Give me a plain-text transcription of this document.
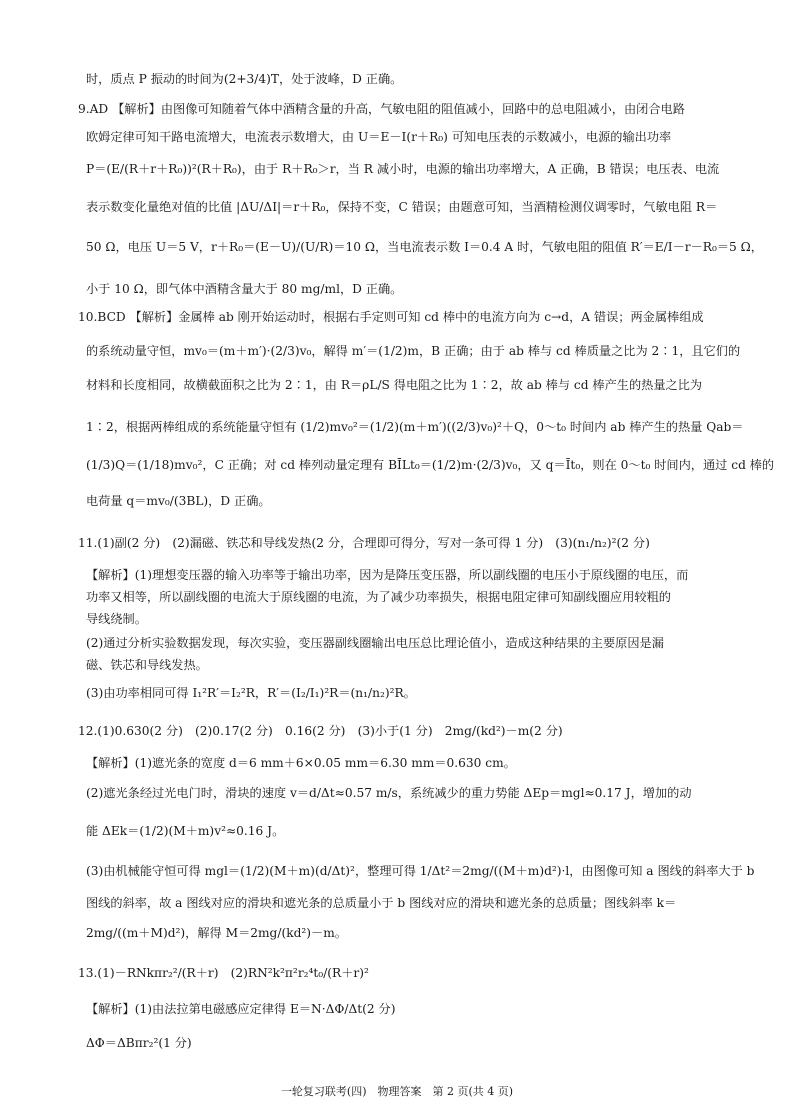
时，质点 P 振动的时间为(2+3/4)T，处于波峰，D 正确。
9.AD 【解析】由图像可知随着气体中酒精含量的升高，气敏电阻的阻值减小，回路中的总电阻减小，由闭合电路
欧姆定律可知干路电流增大，电流表示数增大，由 U＝E－I(r＋R₀) 可知电压表的示数减小，电源的输出功率
P＝(E/(R＋r＋R₀))²(R＋R₀)，由于 R＋R₀＞r，当 R 减小时，电源的输出功率增大，A 正确，B 错误；电压表、电流
表示数变化量绝对值的比值 |ΔU/ΔI|＝r＋R₀，保持不变，C 错误；由题意可知，当酒精检测仪调零时，气敏电阻 R＝
50 Ω，电压 U＝5 V，r＋R₀＝(E－U)/(U/R)＝10 Ω，当电流表示数 I＝0.4 A 时，气敏电阻的阻值 R′＝E/I－r－R₀＝5 Ω，
小于 10 Ω，即气体中酒精含量大于 80 mg/ml，D 正确。
10.BCD 【解析】金属棒 ab 刚开始运动时，根据右手定则可知 cd 棒中的电流方向为 c→d，A 错误；两金属棒组成
的系统动量守恒，mv₀＝(m＋m′)·(2/3)v₀，解得 m′＝(1/2)m，B 正确；由于 ab 棒与 cd 棒质量之比为 2∶1，且它们的
材料和长度相同，故横截面积之比为 2∶1，由 R＝ρL/S 得电阻之比为 1∶2，故 ab 棒与 cd 棒产生的热量之比为
1∶2，根据两棒组成的系统能量守恒有 (1/2)mv₀²＝(1/2)(m＋m′)((2/3)v₀)²＋Q，0～t₀ 时间内 ab 棒产生的热量 Qab＝
(1/3)Q＝(1/18)mv₀²，C 正确；对 cd 棒列动量定理有 BĪLt₀＝(1/2)m·(2/3)v₀，又 q＝Īt₀，则在 0～t₀ 时间内，通过 cd 棒的
电荷量 q＝mv₀/(3BL)，D 正确。
11.(1)副(2 分)　(2)漏磁、铁芯和导线发热(2 分，合理即可得分，写对一条可得 1 分)　(3)(n₁/n₂)²(2 分)
【解析】(1)理想变压器的输入功率等于输出功率，因为是降压变压器，所以副线圈的电压小于原线圈的电压，而
功率又相等，所以副线圈的电流大于原线圈的电流，为了减少功率损失，根据电阻定律可知副线圈应用较粗的
导线绕制。
(2)通过分析实验数据发现，每次实验，变压器副线圈输出电压总比理论值小，造成这种结果的主要原因是漏
磁、铁芯和导线发热。
(3)由功率相同可得 I₁²R′＝I₂²R，R′＝(I₂/I₁)²R＝(n₁/n₂)²R。
12.(1)0.630(2 分)　(2)0.17(2 分)　0.16(2 分)　(3)小于(1 分)　2mg/(kd²)－m(2 分)
【解析】(1)遮光条的宽度 d＝6 mm＋6×0.05 mm＝6.30 mm＝0.630 cm。
(2)遮光条经过光电门时，滑块的速度 v＝d/Δt≈0.57 m/s，系统减少的重力势能 ΔEp＝mgl≈0.17 J，增加的动
能 ΔEk＝(1/2)(M＋m)v²≈0.16 J。
(3)由机械能守恒可得 mgl＝(1/2)(M＋m)(d/Δt)²，整理可得 1/Δt²＝2mg/((M＋m)d²)·l，由图像可知 a 图线的斜率大于 b
图线的斜率，故 a 图线对应的滑块和遮光条的总质量小于 b 图线对应的滑块和遮光条的总质量；图线斜率 k＝
2mg/((m＋M)d²)，解得 M＝2mg/(kd²)－m。
13.(1)－RNkπr₂²/(R＋r)　(2)RN²k²π²r₂⁴t₀/(R＋r)²
【解析】(1)由法拉第电磁感应定律得 E＝N·ΔΦ/Δt(2 分)
ΔΦ＝ΔBπr₂²(1 分)
一轮复习联考(四)　物理答案　第 2 页(共 4 页)
